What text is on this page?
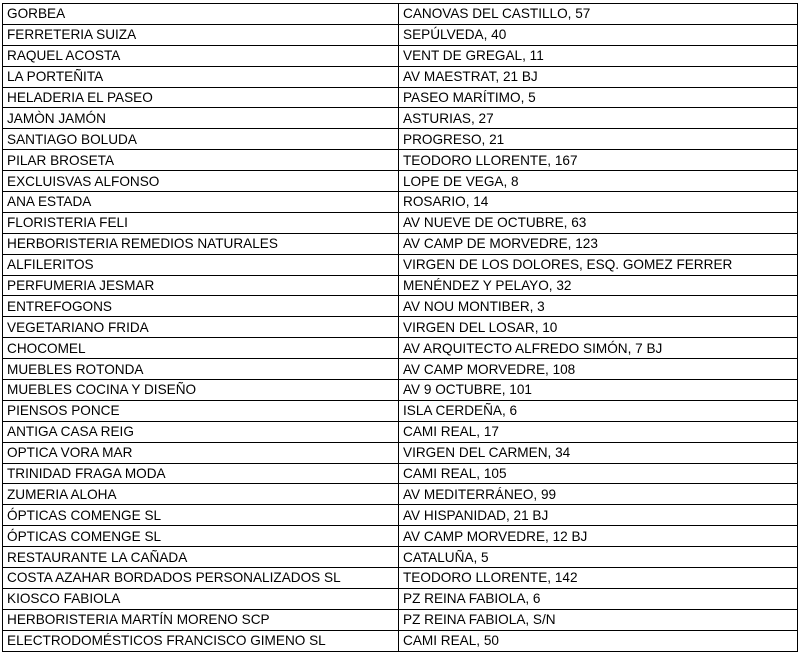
GORBEA	CANOVAS DEL CASTILLO, 57
FERRETERIA SUIZA	SEPÚLVEDA, 40
RAQUEL ACOSTA	VENT DE GREGAL, 11
LA PORTEÑITA	AV MAESTRAT, 21 BJ
HELADERIA EL PASEO	PASEO MARÍTIMO, 5
JAMÒN JAMÓN	ASTURIAS, 27
SANTIAGO BOLUDA	PROGRESO, 21
PILAR BROSETA	TEODORO LLORENTE, 167
EXCLUISVAS ALFONSO	LOPE DE VEGA, 8
ANA ESTADA	ROSARIO, 14
FLORISTERIA FELI	AV NUEVE DE OCTUBRE, 63
HERBORISTERIA REMEDIOS NATURALES	AV CAMP DE MORVEDRE, 123
ALFILERITOS	VIRGEN DE LOS DOLORES, ESQ. GOMEZ FERRER
PERFUMERIA JESMAR	MENÉNDEZ Y PELAYO, 32
ENTREFOGONS	AV NOU MONTIBER, 3
VEGETARIANO FRIDA	VIRGEN DEL LOSAR, 10
CHOCOMEL	AV ARQUITECTO ALFREDO SIMÓN, 7 BJ
MUEBLES ROTONDA	AV CAMP MORVEDRE, 108
MUEBLES COCINA Y DISEÑO	AV 9 OCTUBRE, 101
PIENSOS PONCE	ISLA CERDEÑA, 6
ANTIGA CASA REIG	CAMI REAL, 17
OPTICA VORA MAR	VIRGEN DEL CARMEN, 34
TRINIDAD FRAGA MODA	CAMI REAL, 105
ZUMERIA ALOHA	AV MEDITERRÁNEO, 99
ÓPTICAS COMENGE SL	AV HISPANIDAD, 21 BJ
ÓPTICAS COMENGE SL	AV CAMP MORVEDRE, 12 BJ
RESTAURANTE LA CAÑADA	CATALUÑA, 5
COSTA AZAHAR BORDADOS PERSONALIZADOS SL	TEODORO LLORENTE, 142
KIOSCO FABIOLA	PZ REINA FABIOLA, 6
HERBORISTERIA MARTÍN MORENO SCP	PZ REINA FABIOLA, S/N
ELECTRODOMÉSTICOS FRANCISCO GIMENO SL	CAMI REAL, 50
